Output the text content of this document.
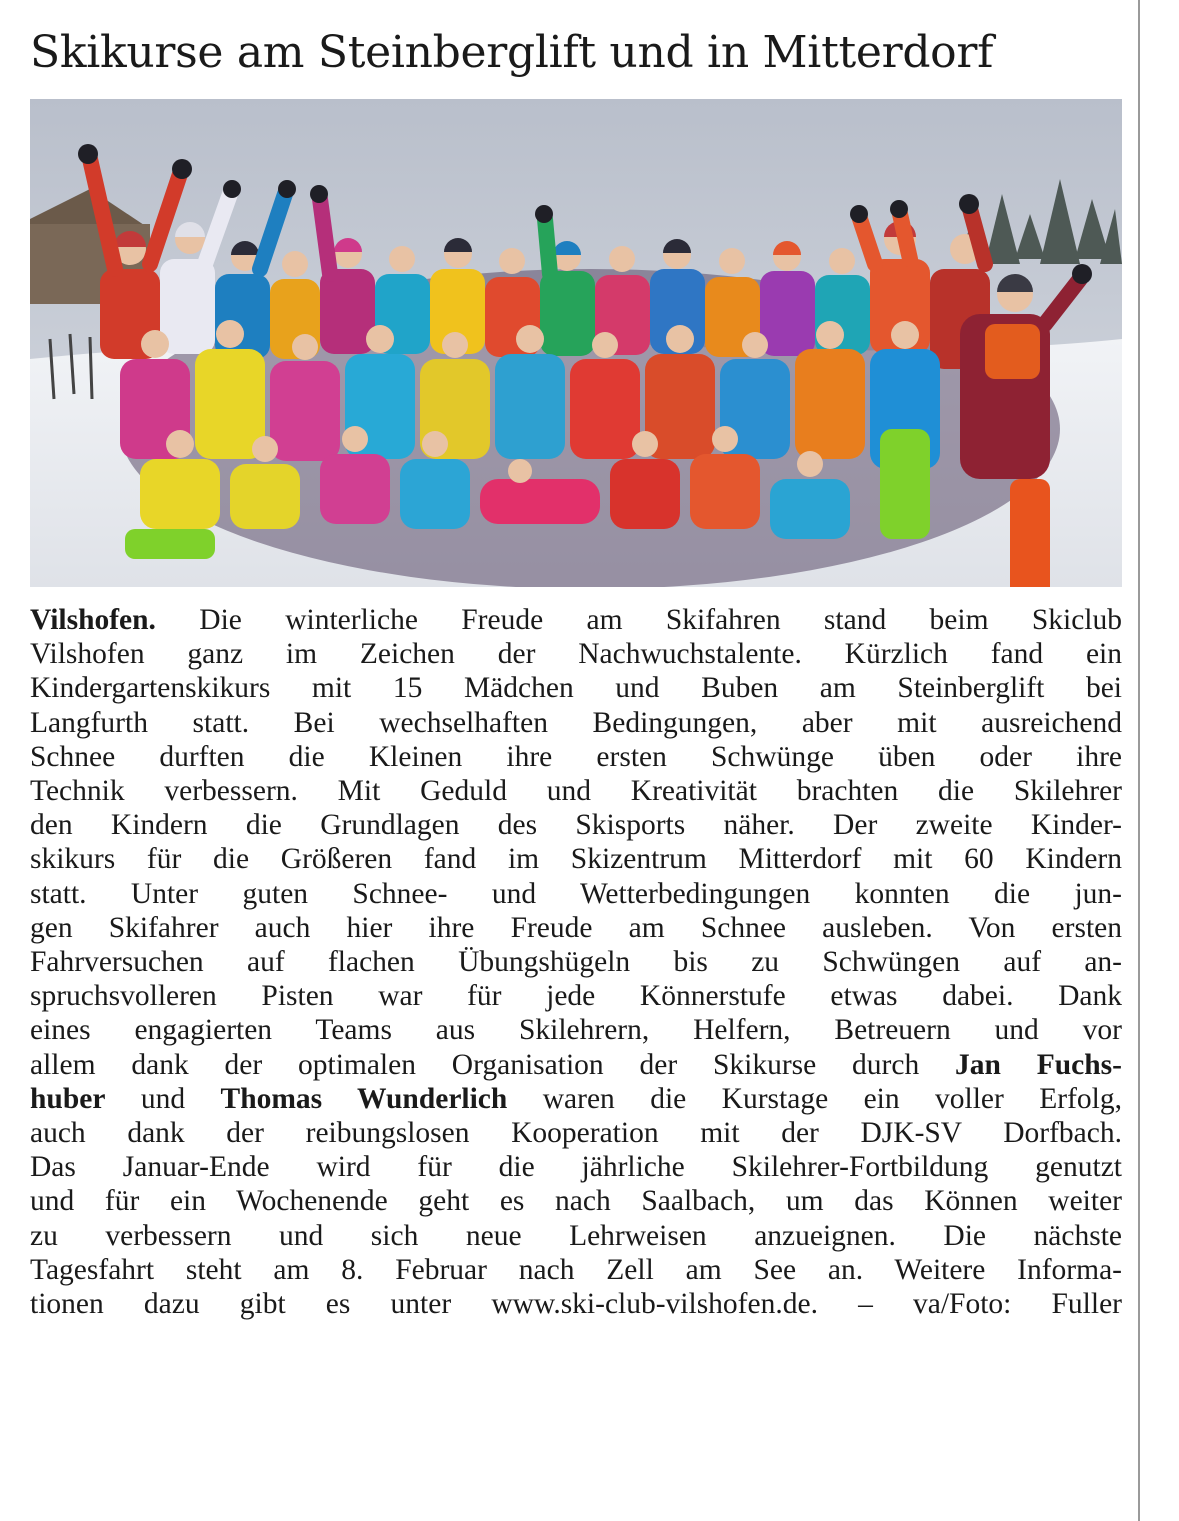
Skikurse am Steinberglift und in Mitterdorf
Vilshofen. Die winterliche Freude am Skifahren stand beim Skiclub
Vilshofen ganz im Zeichen der Nachwuchstalente. Kürzlich fand ein
Kindergartenskikurs mit 15 Mädchen und Buben am Steinberglift bei
Langfurth statt. Bei wechselhaften Bedingungen, aber mit ausreichend
Schnee durften die Kleinen ihre ersten Schwünge üben oder ihre
Technik verbessern. Mit Geduld und Kreativität brachten die Skilehrer
den Kindern die Grundlagen des Skisports näher. Der zweite Kinder-
skikurs für die Größeren fand im Skizentrum Mitterdorf mit 60 Kindern
statt. Unter guten Schnee- und Wetterbedingungen konnten die jun-
gen Skifahrer auch hier ihre Freude am Schnee ausleben. Von ersten
Fahrversuchen auf flachen Übungshügeln bis zu Schwüngen auf an-
spruchsvolleren Pisten war für jede Könnerstufe etwas dabei. Dank
eines engagierten Teams aus Skilehrern, Helfern, Betreuern und vor
allem dank der optimalen Organisation der Skikurse durch Jan Fuchs-
huber und Thomas Wunderlich waren die Kurstage ein voller Erfolg,
auch dank der reibungslosen Kooperation mit der DJK-SV Dorfbach.
Das Januar-Ende wird für die jährliche Skilehrer-Fortbildung genutzt
und für ein Wochenende geht es nach Saalbach, um das Können weiter
zu verbessern und sich neue Lehrweisen anzueignen. Die nächste
Tagesfahrt steht am 8. Februar nach Zell am See an. Weitere Informa-
tionen dazu gibt es unter www.ski-club-vilshofen.de. – va/Foto: Fuller
